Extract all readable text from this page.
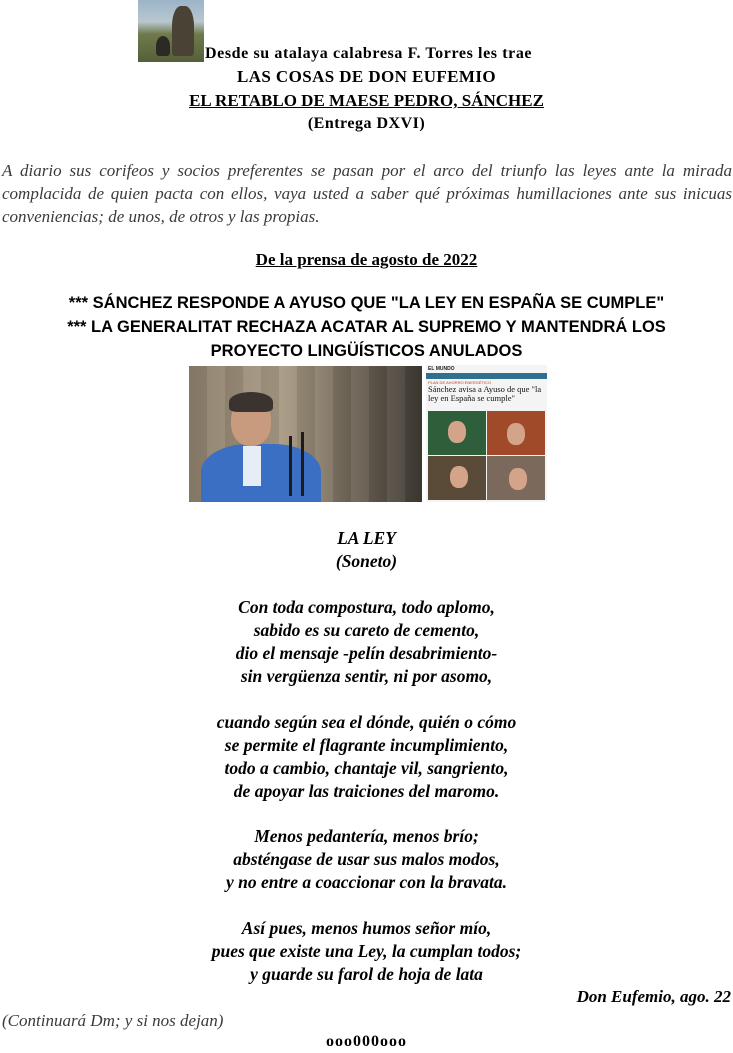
Desde su atalaya calabresa F. Torres les trae
LAS COSAS DE DON EUFEMIO
EL RETABLO DE MAESE PEDRO, SÁNCHEZ
(Entrega DXVI)
A diario sus corifeos y socios preferentes se pasan por el arco del triunfo las leyes ante la mirada complacida de quien pacta con ellos, vaya usted a saber qué próximas humillaciones ante sus inicuas conveniencias; de unos, de otros y las propias.
De la prensa de agosto de 2022
*** SÁNCHEZ RESPONDE A AYUSO QUE "LA LEY EN ESPAÑA SE CUMPLE"
*** LA GENERALITAT RECHAZA ACATAR AL SUPREMO Y MANTENDRÁ LOS
PROYECTO LINGÜÍSTICOS ANULADOS
EL MUNDO
PLAN DE AHORRO ENERGÉTICO
Sánchez avisa a Ayuso de que "la ley en España se cumple"
LA LEY
(Soneto)
Con toda compostura, todo aplomo,
sabido es su careto de cemento,
dio el mensaje -pelín desabrimiento-
sin vergüenza sentir, ni por asomo,
cuando según sea el dónde, quién o cómo
se permite el flagrante incumplimiento,
todo a cambio, chantaje vil, sangriento,
de apoyar las traiciones del maromo.
Menos pedantería, menos brío;
absténgase de usar sus malos modos,
y no entre a coaccionar con la bravata.
Así pues, menos humos señor mío,
pues que existe una Ley, la cumplan todos;
y guarde su farol de hoja de lata
Don Eufemio, ago. 22
(Continuará Dm; y si nos dejan)
ooo000ooo
